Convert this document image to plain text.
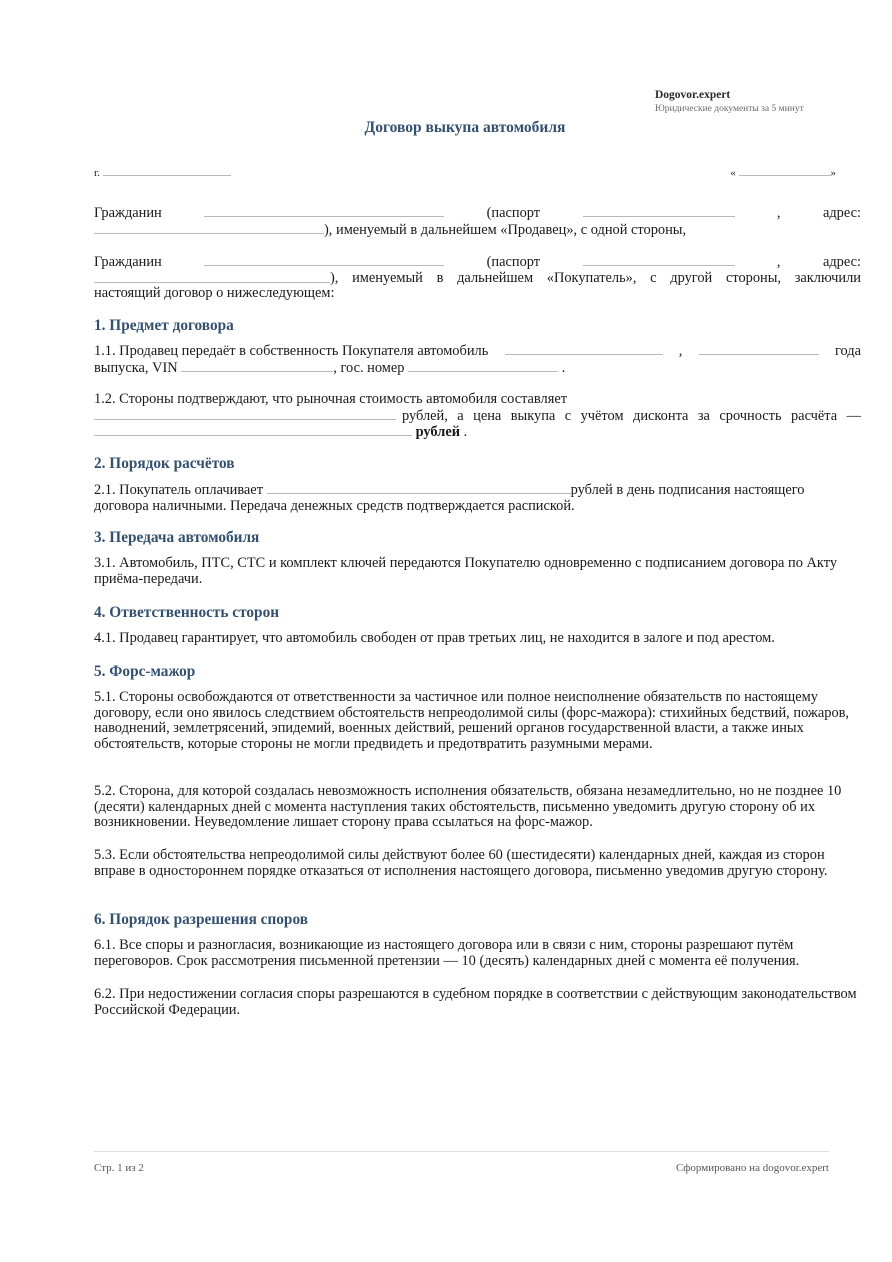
Dogovor.expert
Юридические документы за 5 минут
Договор выкупа автомобиля
г.	«	»
Гражданин	(паспорт	,	адрес:
), именуемый в дальнейшем «Продавец», с одной стороны,
Гражданин	(паспорт	,	адрес:
), именуемый в дальнейшем «Покупатель», с другой стороны, заключили
настоящий договор о нижеследующем:
1. Предмет договора
1.1. Продавец передаёт в собственность Покупателя автомобиль	,	года
выпуска, VIN	, гос. номер	.
1.2. Стороны подтверждают, что рыночная стоимость автомобиля составляет
рублей, а цена выкупа с учётом дисконта за срочность расчёта —
рублей .
2. Порядок расчётов
2.1. Покупатель оплачивает	рублей в день подписания настоящего
договора наличными. Передача денежных средств подтверждается распиской.
3. Передача автомобиля
3.1. Автомобиль, ПТС, СТС и комплект ключей передаются Покупателю одновременно с подписанием договора по Акту приёма-передачи.
4. Ответственность сторон
4.1. Продавец гарантирует, что автомобиль свободен от прав третьих лиц, не находится в залоге и под арестом.
5. Форс-мажор
5.1. Стороны освобождаются от ответственности за частичное или полное неисполнение обязательств по настоящему договору, если оно явилось следствием обстоятельств непреодолимой силы (форс-мажора): стихийных бедствий, пожаров, наводнений, землетрясений, эпидемий, военных действий, решений органов государственной власти, а также иных обстоятельств, которые стороны не могли предвидеть и предотвратить разумными мерами.
5.2. Сторона, для которой создалась невозможность исполнения обязательств, обязана незамедлительно, но не позднее 10 (десяти) календарных дней с момента наступления таких обстоятельств, письменно уведомить другую сторону об их возникновении. Неуведомление лишает сторону права ссылаться на форс-мажор.
5.3. Если обстоятельства непреодолимой силы действуют более 60 (шестидесяти) календарных дней, каждая из сторон вправе в одностороннем порядке отказаться от исполнения настоящего договора, письменно уведомив другую сторону.
6. Порядок разрешения споров
6.1. Все споры и разногласия, возникающие из настоящего договора или в связи с ним, стороны разрешают путём переговоров. Срок рассмотрения письменной претензии — 10 (десять) календарных дней с момента её получения.
6.2. При недостижении согласия споры разрешаются в судебном порядке в соответствии с действующим законодательством Российской Федерации.
Стр. 1 из 2	Сформировано на dogovor.expert
